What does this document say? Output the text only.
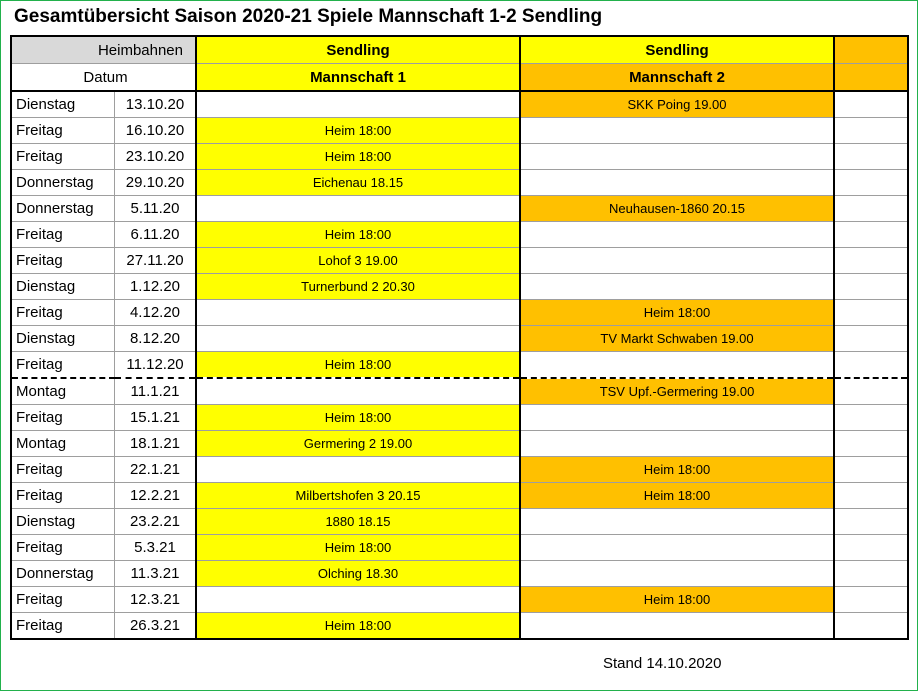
Gesamtübersicht Saison 2020-21 Spiele Mannschaft 1-2 Sendling
Heimbahnen		Sendling	Sendling	
Datum		Mannschaft 1	Mannschaft 2	
Dienstag	13.10.20		SKK Poing 19.00	
Freitag	16.10.20	Heim 18:00		
Freitag	23.10.20	Heim 18:00		
Donnerstag	29.10.20	Eichenau 18.15		
Donnerstag	5.11.20		Neuhausen-1860 20.15	
Freitag	6.11.20	Heim 18:00		
Freitag	27.11.20	Lohof 3 19.00		
Dienstag	1.12.20	Turnerbund 2 20.30		
Freitag	4.12.20		Heim 18:00	
Dienstag	8.12.20		TV Markt Schwaben 19.00	
Freitag	11.12.20	Heim 18:00		
Montag	11.1.21		TSV Upf.-Germering 19.00	
Freitag	15.1.21	Heim 18:00		
Montag	18.1.21	Germering 2 19.00		
Freitag	22.1.21		Heim 18:00	
Freitag	12.2.21	Milbertshofen 3 20.15	Heim 18:00	
Dienstag	23.2.21	1880 18.15		
Freitag	5.3.21	Heim 18:00		
Donnerstag	11.3.21	Olching 18.30		
Freitag	12.3.21		Heim 18:00	
Freitag	26.3.21	Heim 18:00		
Stand 14.10.2020
